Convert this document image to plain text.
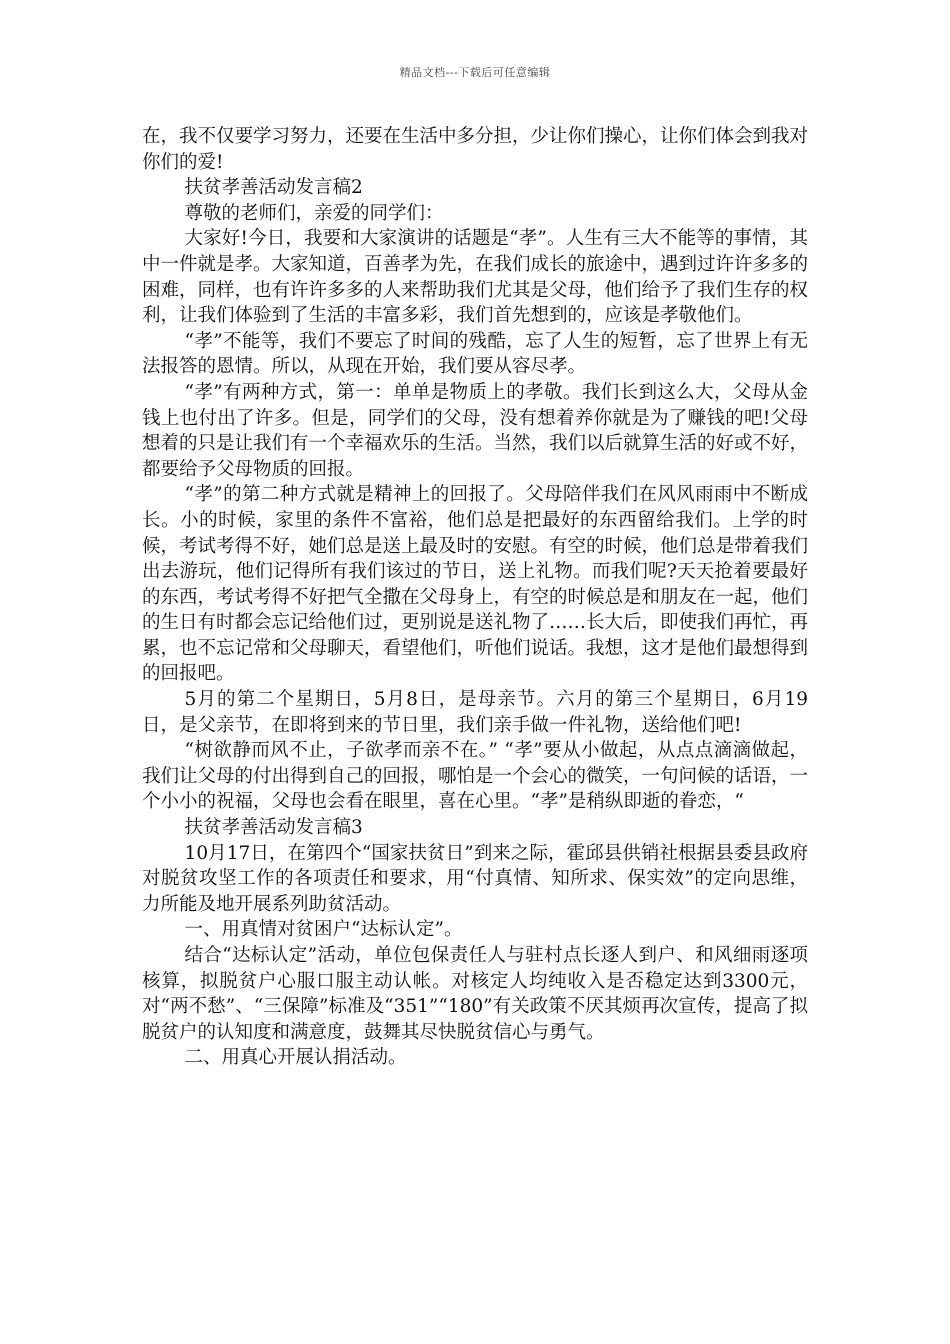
精品文档---下载后可任意编辑

在，我不仅要学习努力，还要在生活中多分担，少让你们操心，让你们体会到我对你们的爱!

扶贫孝善活动发言稿2

尊敬的老师们，亲爱的同学们：

大家好!今日，我要和大家演讲的话题是“孝”。人生有三大不能等的事情，其中一件就是孝。大家知道，百善孝为先，在我们成长的旅途中，遇到过许许多多的困难，同样，也有许许多多的人来帮助我们尤其是父母，他们给予了我们生存的权利，让我们体验到了生活的丰富多彩，我们首先想到的，应该是孝敬他们。

“孝”不能等，我们不要忘了时间的残酷，忘了人生的短暂，忘了世界上有无法报答的恩情。所以，从现在开始，我们要从容尽孝。

“孝”有两种方式，第一：单单是物质上的孝敬。我们长到这么大，父母从金钱上也付出了许多。但是，同学们的父母，没有想着养你就是为了赚钱的吧!父母想着的只是让我们有一个幸福欢乐的生活。当然，我们以后就算生活的好或不好，都要给予父母物质的回报。

“孝”的第二种方式就是精神上的回报了。父母陪伴我们在风风雨雨中不断成长。小的时候，家里的条件不富裕，他们总是把最好的东西留给我们。上学的时候，考试考得不好，她们总是送上最及时的安慰。有空的时候，他们总是带着我们出去游玩，他们记得所有我们该过的节日，送上礼物。而我们呢?天天抢着要最好的东西，考试考得不好把气全撒在父母身上，有空的时候总是和朋友在一起，他们的生日有时都会忘记给他们过，更别说是送礼物了……长大后，即使我们再忙，再累，也不忘记常和父母聊天，看望他们，听他们说话。我想，这才是他们最想得到的回报吧。

5月的第二个星期日，5月8日，是母亲节。六月的第三个星期日，6月19日，是父亲节，在即将到来的节日里，我们亲手做一件礼物，送给他们吧!

“树欲静而风不止，子欲孝而亲不在。” “孝”要从小做起，从点点滴滴做起，我们让父母的付出得到自己的回报，哪怕是一个会心的微笑，一句问候的话语，一个小小的祝福，父母也会看在眼里，喜在心里。“孝”是稍纵即逝的眷恋，“

扶贫孝善活动发言稿3

10月17日，在第四个“国家扶贫日”到来之际，霍邱县供销社根据县委县政府对脱贫攻坚工作的各项责任和要求，用“付真情、知所求、保实效”的定向思维，力所能及地开展系列助贫活动。

一、用真情对贫困户“达标认定”。

结合“达标认定”活动，单位包保责任人与驻村点长逐人到户、和风细雨逐项核算，拟脱贫户心服口服主动认帐。对核定人均纯收入是否稳定达到3300元，对“两不愁”、“三保障”标准及“351”“180”有关政策不厌其烦再次宣传，提高了拟脱贫户的认知度和满意度，鼓舞其尽快脱贫信心与勇气。

二、用真心开展认捐活动。
